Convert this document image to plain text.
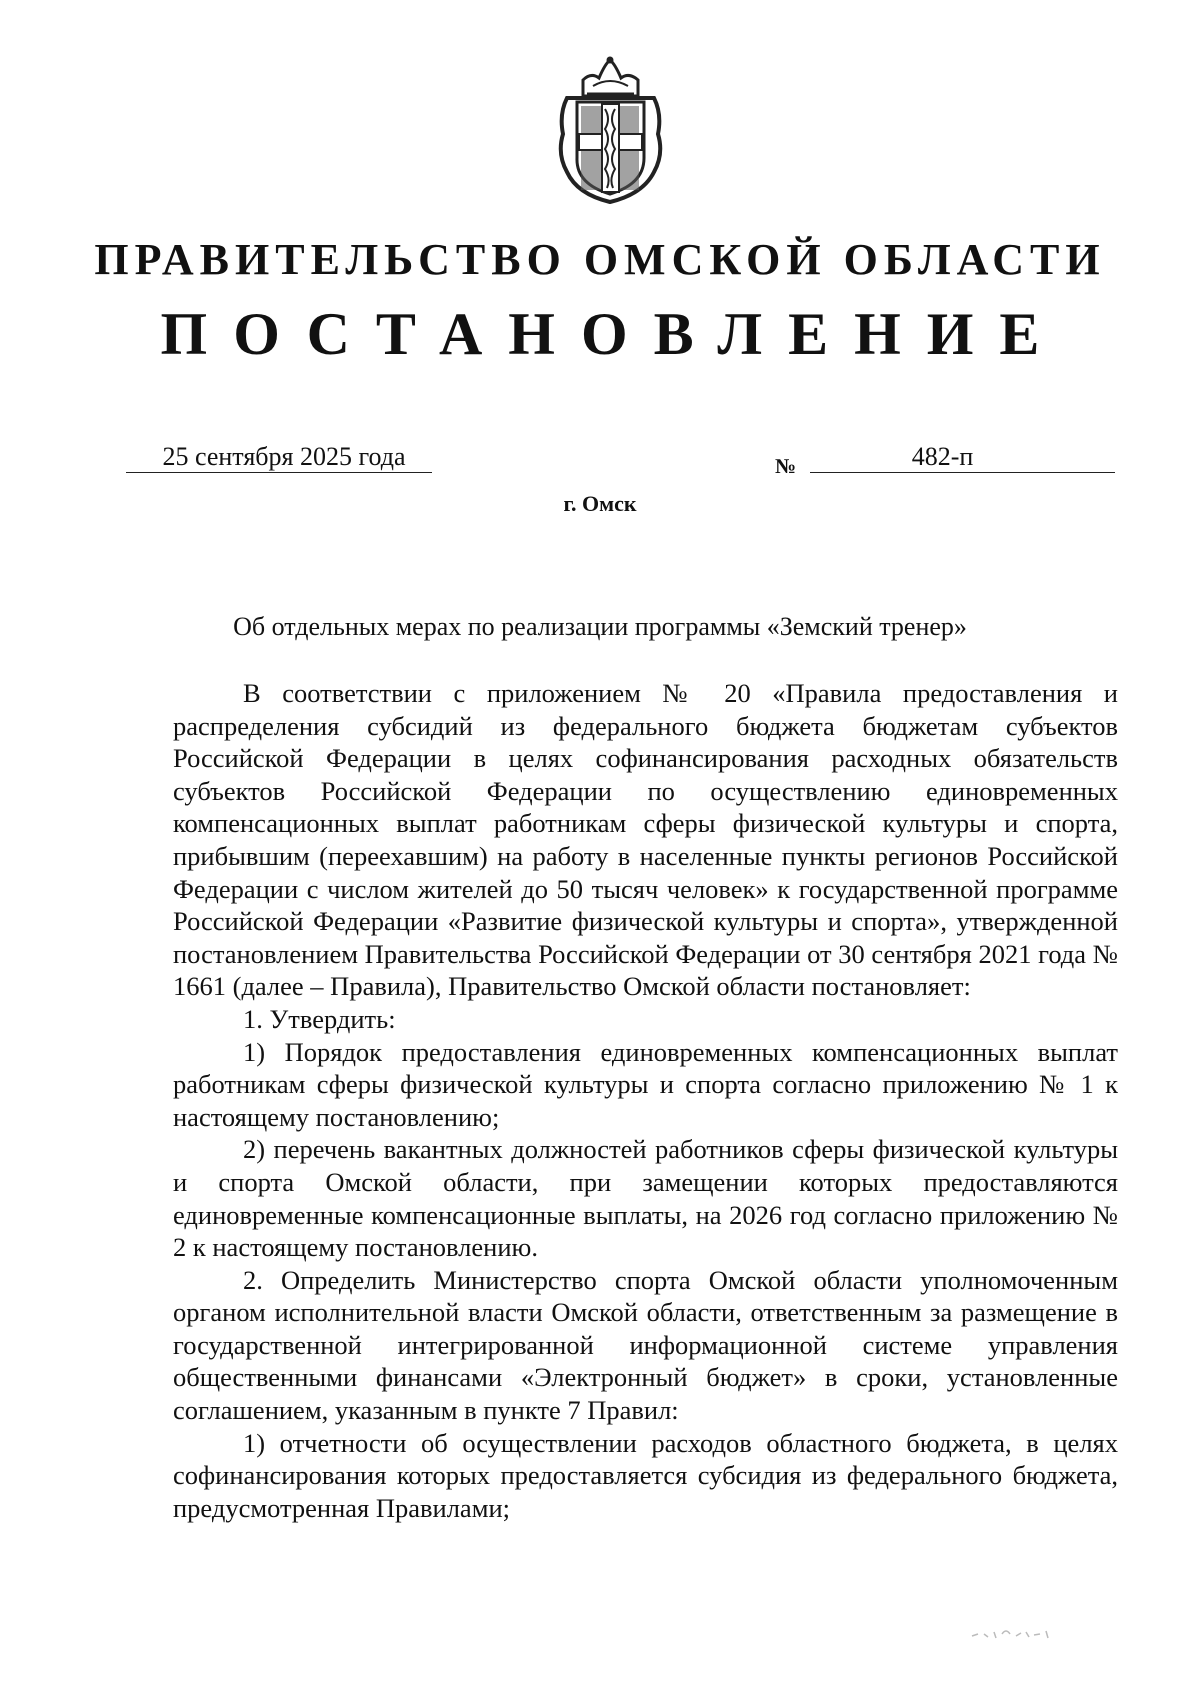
ПРАВИТЕЛЬСТВО ОМСКОЙ ОБЛАСТИ
ПОСТАНОВЛЕНИЕ
25 сентября 2025 года	№	482-п
г. Омск
Об отдельных мерах по реализации программы «Земский тренер»

В соответствии с приложением № 20 «Правила предоставления и распределения субсидий из федерального бюджета бюджетам субъектов Российской Федерации в целях софинансирования расходных обязательств субъектов Российской Федерации по осуществлению единовременных компенсационных выплат работникам сферы физической культуры и спорта, прибывшим (переехавшим) на работу в населенные пункты регионов Российской Федерации с числом жителей до 50 тысяч человек» к государственной программе Российской Федерации «Развитие физической культуры и спорта», утвержденной постановлением Правительства Российской Федерации от 30 сентября 2021 года № 1661 (далее – Правила), Правительство Омской области постановляет:

1. Утвердить:

1) Порядок предоставления единовременных компенсационных выплат работникам сферы физической культуры и спорта согласно приложению № 1 к настоящему постановлению;

2) перечень вакантных должностей работников сферы физической культуры и спорта Омской области, при замещении которых предоставляются единовременные компенсационные выплаты, на 2026 год согласно приложению № 2 к настоящему постановлению.

2. Определить Министерство спорта Омской области уполномоченным органом исполнительной власти Омской области, ответственным за размещение в государственной интегрированной информационной системе управления общественными финансами «Электронный бюджет» в сроки, установленные соглашением, указанным в пункте 7 Правил:

1) отчетности об осуществлении расходов областного бюджета, в целях софинансирования которых предоставляется субсидия из федерального бюджета, предусмотренная Правилами;
